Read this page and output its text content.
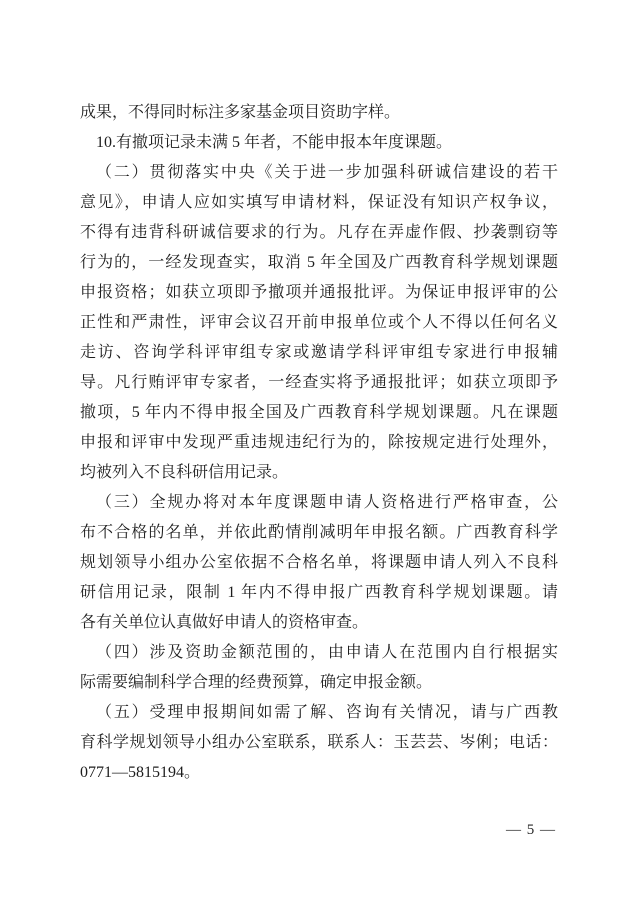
成果，不得同时标注多家基金项目资助字样。
10.有撤项记录未满 5 年者，不能申报本年度课题。
（二）贯彻落实中央《关于进一步加强科研诚信建设的若干
意见》，申请人应如实填写申请材料，保证没有知识产权争议，
不得有违背科研诚信要求的行为。凡存在弄虚作假、抄袭剽窃等
行为的，一经发现查实，取消 5 年全国及广西教育科学规划课题
申报资格；如获立项即予撤项并通报批评。为保证申报评审的公
正性和严肃性，评审会议召开前申报单位或个人不得以任何名义
走访、咨询学科评审组专家或邀请学科评审组专家进行申报辅
导。凡行贿评审专家者，一经查实将予通报批评；如获立项即予
撤项，5 年内不得申报全国及广西教育科学规划课题。凡在课题
申报和评审中发现严重违规违纪行为的，除按规定进行处理外，
均被列入不良科研信用记录。
（三）全规办将对本年度课题申请人资格进行严格审查，公
布不合格的名单，并依此酌情削减明年申报名额。广西教育科学
规划领导小组办公室依据不合格名单，将课题申请人列入不良科
研信用记录，限制 1 年内不得申报广西教育科学规划课题。请
各有关单位认真做好申请人的资格审查。
（四）涉及资助金额范围的，由申请人在范围内自行根据实
际需要编制科学合理的经费预算，确定申报金额。
（五）受理申报期间如需了解、咨询有关情况，请与广西教
育科学规划领导小组办公室联系，联系人：玉芸芸、岑俐；电话：
0771—5815194。
— 5 —
